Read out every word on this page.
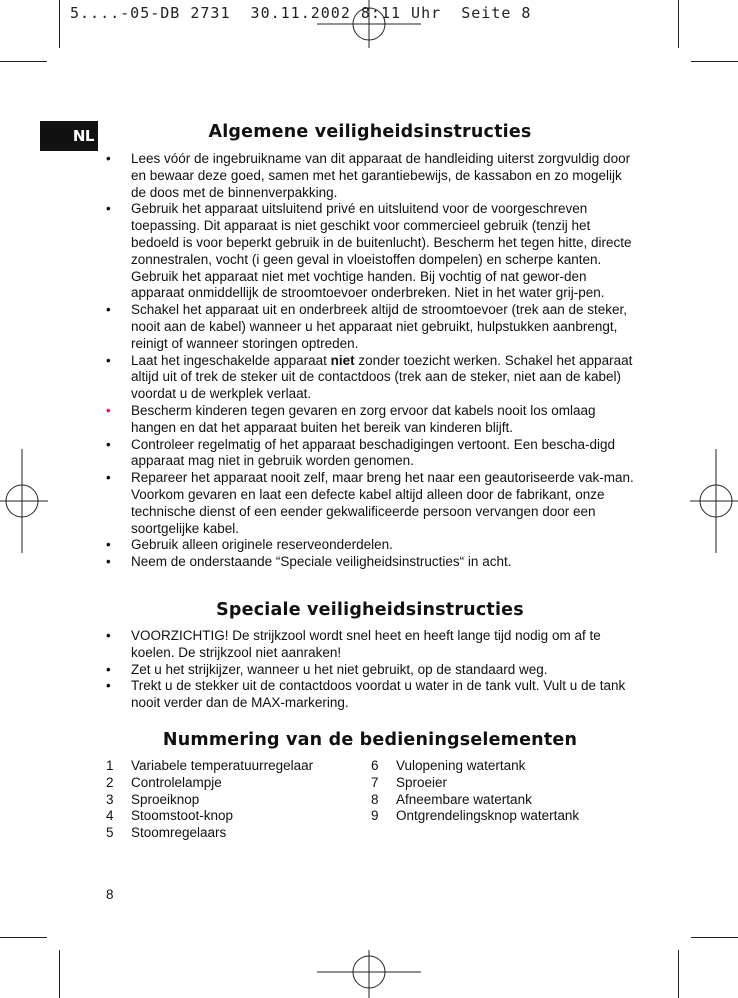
5....-05-DB 2731  30.11.2002 8:11 Uhr  Seite 8
NL	Algemene veiligheidsinstructies
• Lees vóór de ingebruikname van dit apparaat de handleiding uiterst zorgvuldig door en bewaar deze goed, samen met het garantiebewijs, de kassabon en zo mogelijk de doos met de binnenverpakking.
• Gebruik het apparaat uitsluitend privé en uitsluitend voor de voorgeschreven toepassing. Dit apparaat is niet geschikt voor commercieel gebruik (tenzij het bedoeld is voor beperkt gebruik in de buitenlucht). Bescherm het tegen hitte, directe zonnestralen, vocht (i geen geval in vloeistoffen dompelen) en scherpe kanten. Gebruik het apparaat niet met vochtige handen. Bij vochtig of nat gewor-den apparaat onmiddellijk de stroomtoevoer onderbreken. Niet in het water grij-pen.
• Schakel het apparaat uit en onderbreek altijd de stroomtoevoer (trek aan de steker, nooit aan de kabel) wanneer u het apparaat niet gebruikt, hulpstukken aanbrengt, reinigt of wanneer storingen optreden.
• Laat het ingeschakelde apparaat niet zonder toezicht werken. Schakel het apparaat altijd uit of trek de steker uit de contactdoos (trek aan de steker, niet aan de kabel) voordat u de werkplek verlaat.
• Bescherm kinderen tegen gevaren en zorg ervoor dat kabels nooit los omlaag hangen en dat het apparaat buiten het bereik van kinderen blijft.
• Controleer regelmatig of het apparaat beschadigingen vertoont. Een bescha-digd apparaat mag niet in gebruik worden genomen.
• Repareer het apparaat nooit zelf, maar breng het naar een geautoriseerde vak-man. Voorkom gevaren en laat een defecte kabel altijd alleen door de fabrikant, onze technische dienst of een eender gekwalificeerde persoon vervangen door een soortgelijke kabel.
• Gebruik alleen originele reserveonderdelen.
• Neem de onderstaande “Speciale veiligheidsinstructies“ in acht.
Speciale veiligheidsinstructies
• VOORZICHTIG! De strijkzool wordt snel heet en heeft lange tijd nodig om af te koelen. De strijkzool niet aanraken!
• Zet u het strijkijzer, wanneer u het niet gebruikt, op de standaard weg.
• Trekt u de stekker uit de contactdoos voordat u water in de tank vult. Vult u de tank nooit verder dan de MAX-markering.
Nummering van de bedieningselementen
1	Variabele temperatuurregelaar
2	Controlelampje
3	Sproeiknop
4	Stoomstoot-knop
5	Stoomregelaars
6	Vulopening watertank
7	Sproeier
8	Afneembare watertank
9	Ontgrendelingsknop watertank
8
